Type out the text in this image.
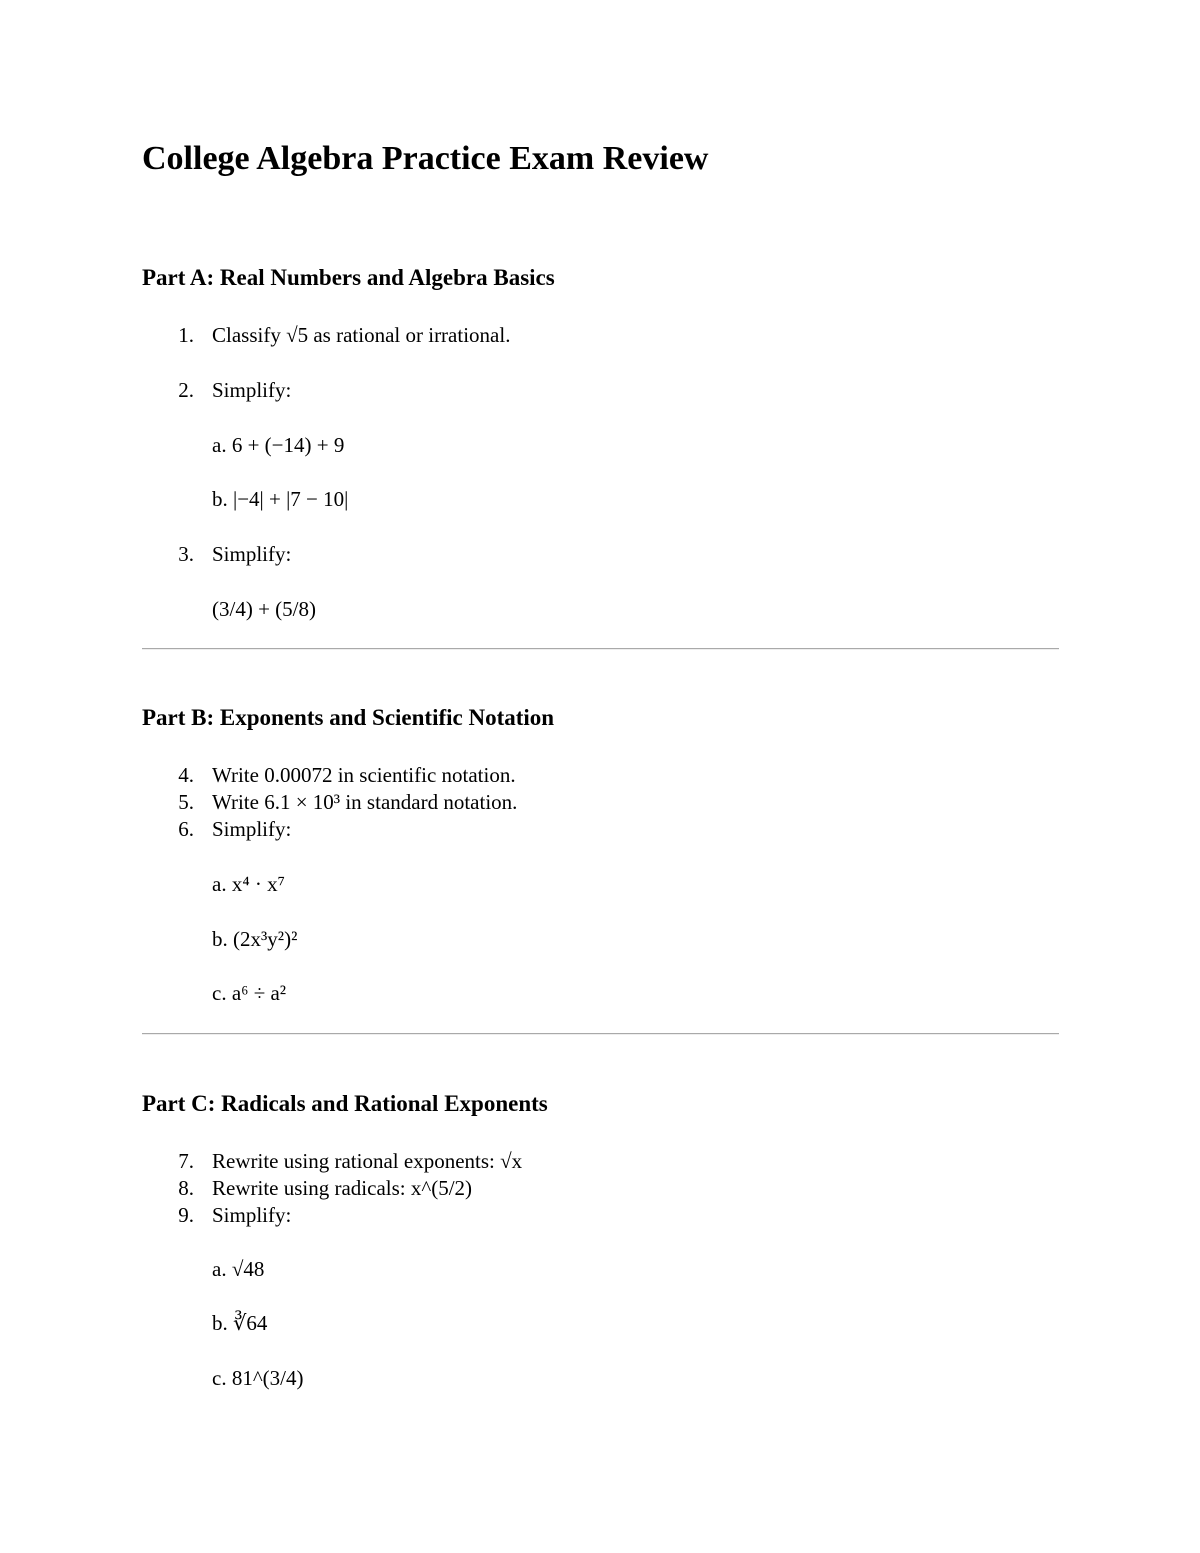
College Algebra Practice Exam Review
Part A: Real Numbers and Algebra Basics
1. Classify √5 as rational or irrational.
2. Simplify:
a. 6 + (−14) + 9
b. |−4| + |7 − 10|
3. Simplify:
(3/4) + (5/8)
Part B: Exponents and Scientific Notation
4. Write 0.00072 in scientific notation.
5. Write 6.1 × 10³ in standard notation.
6. Simplify:
a. x⁴ · x⁷
b. (2x³y²)²
c. a⁶ ÷ a²
Part C: Radicals and Rational Exponents
7. Rewrite using rational exponents: √x
8. Rewrite using radicals: x^(5/2)
9. Simplify:
a. √48
b. ∛64
c. 81^(3/4)
